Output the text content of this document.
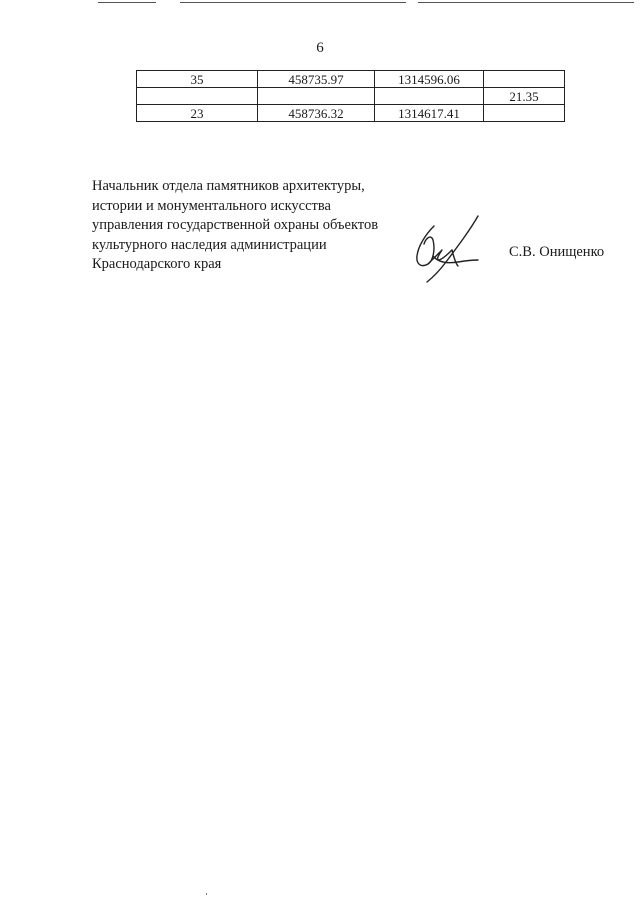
6
35	458735.97	1314596.06	
			21.35
23	458736.32	1314617.41	
Начальник отдела памятников архитектуры,
истории и монументального искусства
управления государственной охраны объектов
культурного наследия администрации
Краснодарского края
С.В. Онищенко
